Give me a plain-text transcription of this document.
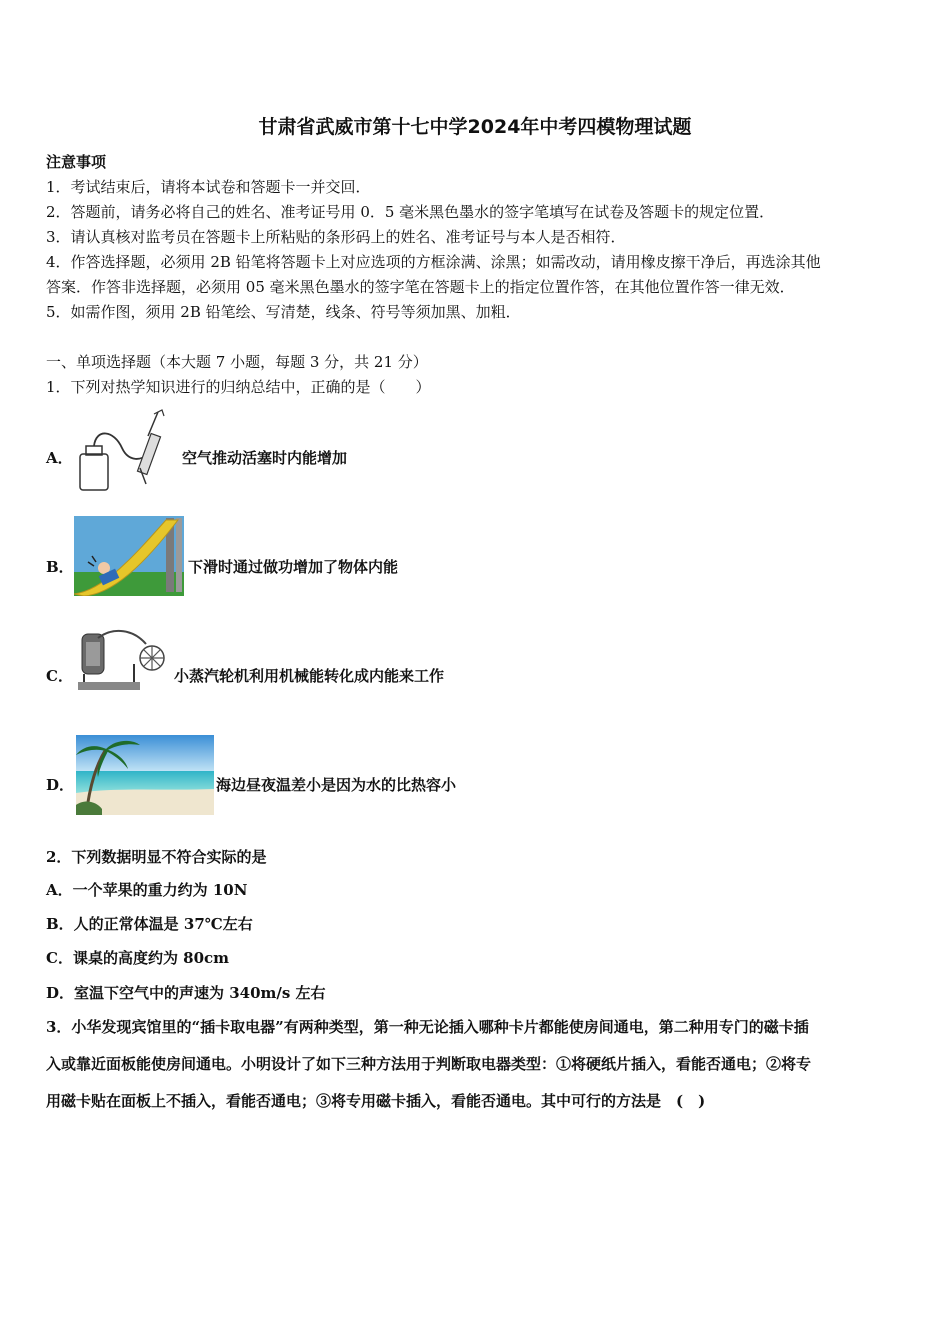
甘肃省武威市第十七中学2024年中考四模物理试题
注意事项
1．考试结束后，请将本试卷和答题卡一并交回．
2．答题前，请务必将自己的姓名、准考证号用 0．5 毫米黑色墨水的签字笔填写在试卷及答题卡的规定位置．
3．请认真核对监考员在答题卡上所粘贴的条形码上的姓名、准考证号与本人是否相符．
4．作答选择题，必须用 2B 铅笔将答题卡上对应选项的方框涂满、涂黑；如需改动，请用橡皮擦干净后，再选涂其他
答案．作答非选择题，必须用 05 毫米黑色墨水的签字笔在答题卡上的指定位置作答，在其他位置作答一律无效．
5．如需作图，须用 2B 铅笔绘、写清楚，线条、符号等须加黑、加粗．
一、单项选择题（本大题 7 小题，每题 3 分，共 21 分）
1．下列对热学知识进行的归纳总结中，正确的是（　　）
A．	空气推动活塞时内能增加
B．	下滑时通过做功增加了物体内能
C．	小蒸汽轮机利用机械能转化成内能来工作
D．	海边昼夜温差小是因为水的比热容小
2．下列数据明显不符合实际的是
A．一个苹果的重力约为 10N
B．人的正常体温是 37℃左右
C．课桌的高度约为 80cm
D．室温下空气中的声速为 340m/s 左右
3．小华发现宾馆里的“插卡取电器”有两种类型，第一种无论插入哪种卡片都能使房间通电，第二种用专门的磁卡插
入或靠近面板能使房间通电。小明设计了如下三种方法用于判断取电器类型：①将硬纸片插入，看能否通电；②将专
用磁卡贴在面板上不插入，看能否通电；③将专用磁卡插入，看能否通电。其中可行的方法是　(　)
